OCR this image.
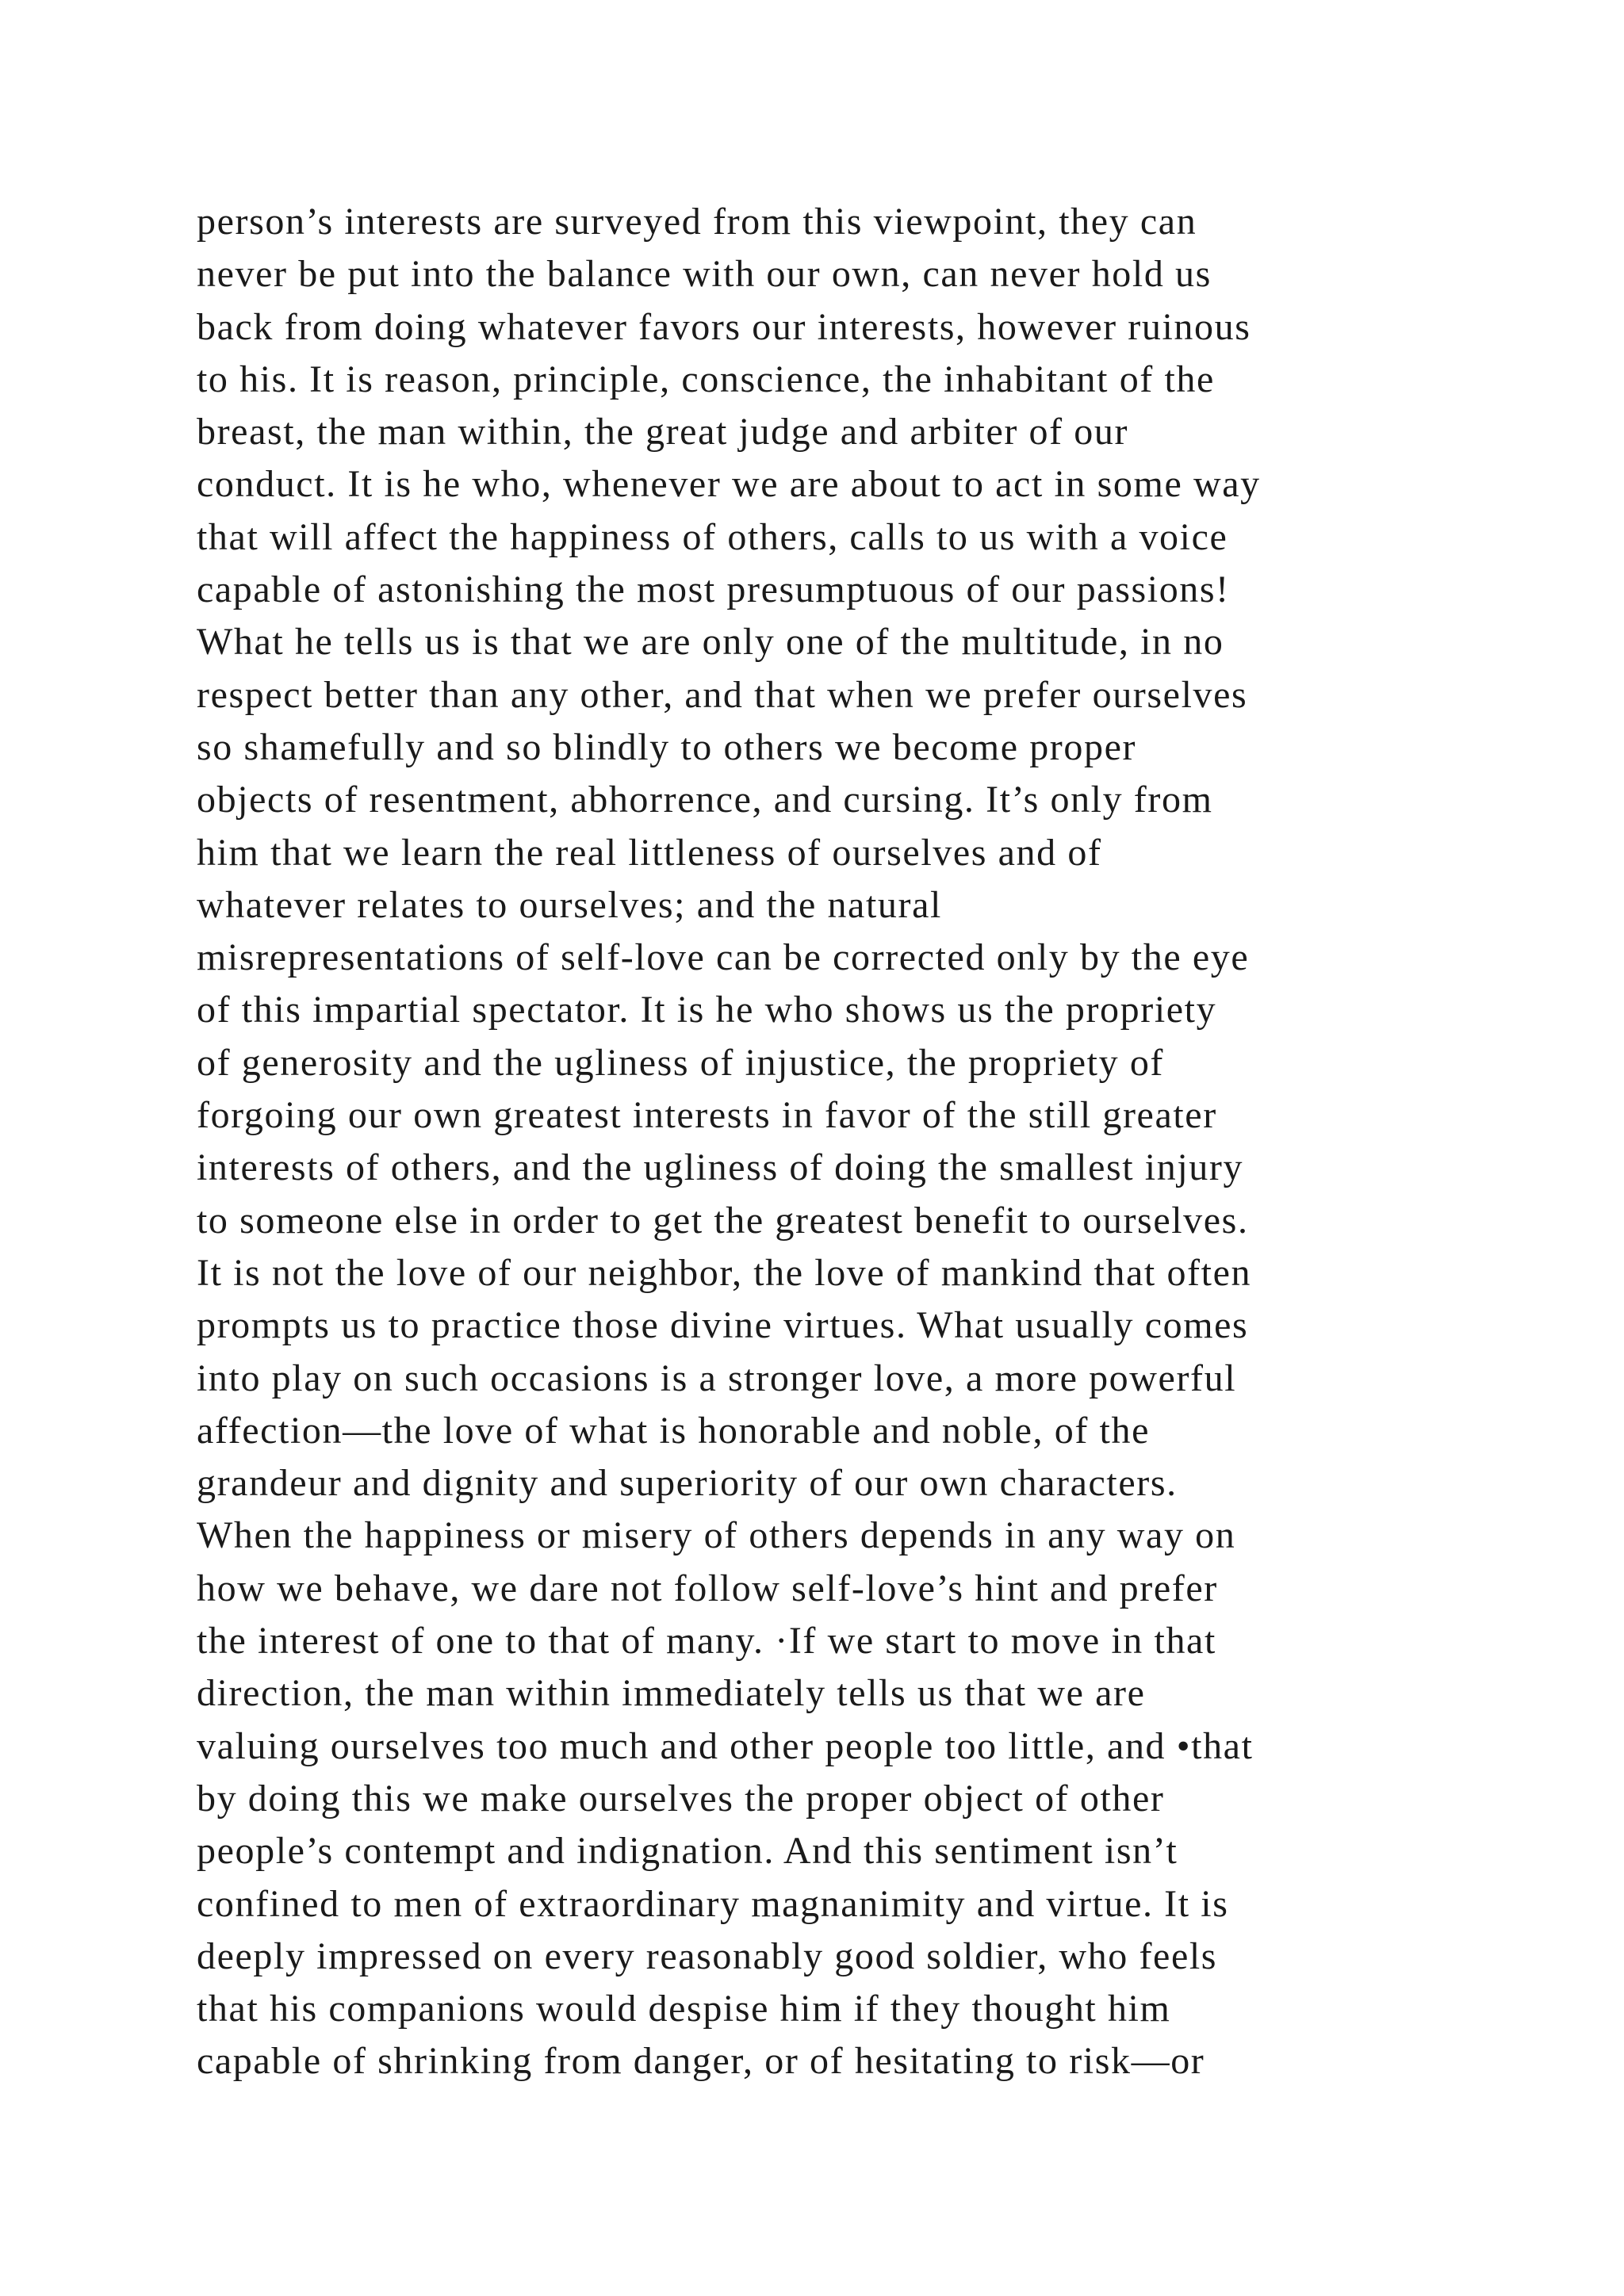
person’s interests are surveyed from this viewpoint, they can
never be put into the balance with our own, can never hold us
back from doing whatever favors our interests, however ruinous
to his. It is reason, principle, conscience, the inhabitant of the
breast, the man within, the great judge and arbiter of our
conduct. It is he who, whenever we are about to act in some way
that will affect the happiness of others, calls to us with a voice
capable of astonishing the most presumptuous of our passions!
What he tells us is that we are only one of the multitude, in no
respect better than any other, and that when we prefer ourselves
so shamefully and so blindly to others we become proper
objects of resentment, abhorrence, and cursing. It’s only from
him that we learn the real littleness of ourselves and of
whatever relates to ourselves; and the natural
misrepresentations of self-love can be corrected only by the eye
of this impartial spectator. It is he who shows us the propriety
of generosity and the ugliness of injustice, the propriety of
forgoing our own greatest interests in favor of the still greater
interests of others, and the ugliness of doing the smallest injury
to someone else in order to get the greatest benefit to ourselves.
It is not the love of our neighbor, the love of mankind that often
prompts us to practice those divine virtues. What usually comes
into play on such occasions is a stronger love, a more powerful
affection—the love of what is honorable and noble, of the
grandeur and dignity and superiority of our own characters.
When the happiness or misery of others depends in any way on
how we behave, we dare not follow self-love’s hint and prefer
the interest of one to that of many. ·If we start to move in that
direction, the man within immediately tells us that we are
valuing ourselves too much and other people too little, and •that
by doing this we make ourselves the proper object of other
people’s contempt and indignation. And this sentiment isn’t
confined to men of extraordinary magnanimity and virtue. It is
deeply impressed on every reasonably good soldier, who feels
that his companions would despise him if they thought him
capable of shrinking from danger, or of hesitating to risk—or
